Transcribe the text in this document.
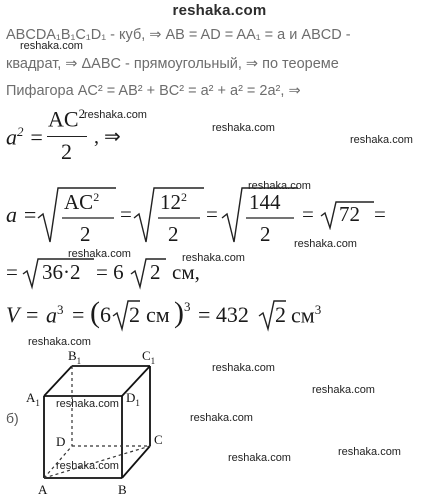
reshaka.com
ABCDA₁B₁C₁D₁ - куб, ⇒ AB = AD = AA₁ = a и ABCD -
квадрат, ⇒ ΔABC - прямоугольный, ⇒ по теореме
Пифагора AC² = AB² + BC² = a² + a² = 2a², ⇒
$a^2$ =
$AC^2$
2
, ⇒
$a = AC^2$
2
= $12^2$
2
= 144
2
= 72 =
= 36·2 = 6 2 см,
$V = a^3$ = ( 6 2 см )$^3$ = 432 2 $см^3$
б)
$B_1$	$C_1$
$A_1$	$D_1$
D	C
A	B
reshaka.com
reshaka.com
reshaka.com
reshaka.com
reshaka.com
reshaka.com
reshaka.com	reshaka.com
reshaka.com
reshaka.com
reshaka.com
reshaka.com
reshaka.com
reshaka.com	reshaka.com
reshaka.com
